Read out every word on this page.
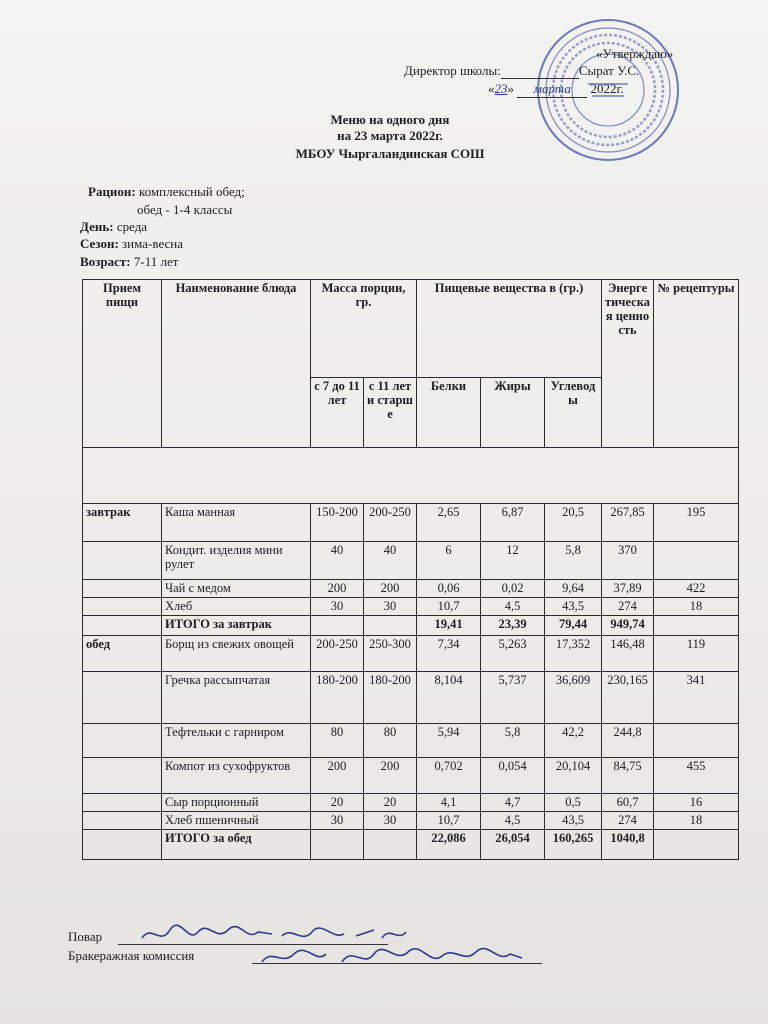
«Утверждаю»
Директор школы:	Сырат У.С.
«23» марта 2022г.
Меню на одного дня
на 23 марта 2022г.
МБОУ Чыргаландинская СОШ
Рацион: комплексный обед;
обед - 1-4 классы
День: среда
Сезон: зима-весна
Возраст: 7-11 лет
Прием пищи	Наименование блюда	Масса порции, гр.		Пищевые вещества в (гр.)			Энергетическая ценность	№ рецептуры
		с 7 до 11 лет	с 11 лет и старше	Белки	Жиры	Углеводы		

завтрак	Каша манная	150-200	200-250	2,65	6,87	20,5	267,85	195
	Кондит. изделия мини рулет	40	40	6	12	5,8	370	
	Чай с медом	200	200	0,06	0,02	9,64	37,89	422
	Хлеб	30	30	10,7	4,5	43,5	274	18
	ИТОГО за завтрак			19,41	23,39	79,44	949,74	
обед	Борщ из свежих овощей	200-250	250-300	7,34	5,263	17,352	146,48	119
	Гречка рассыпчатая	180-200	180-200	8,104	5,737	36,609	230,165	341
	Тефтельки с гарниром	80	80	5,94	5,8	42,2	244,8	
	Компот из сухофруктов	200	200	0,702	0,054	20,104	84,75	455
	Сыр порционный	20	20	4,1	4,7	0,5	60,7	16
	Хлеб пшеничный	30	30	10,7	4,5	43,5	274	18
	ИТОГО за обед			22,086	26,054	160,265	1040,8	
Повар
Бракеражная комиссия
